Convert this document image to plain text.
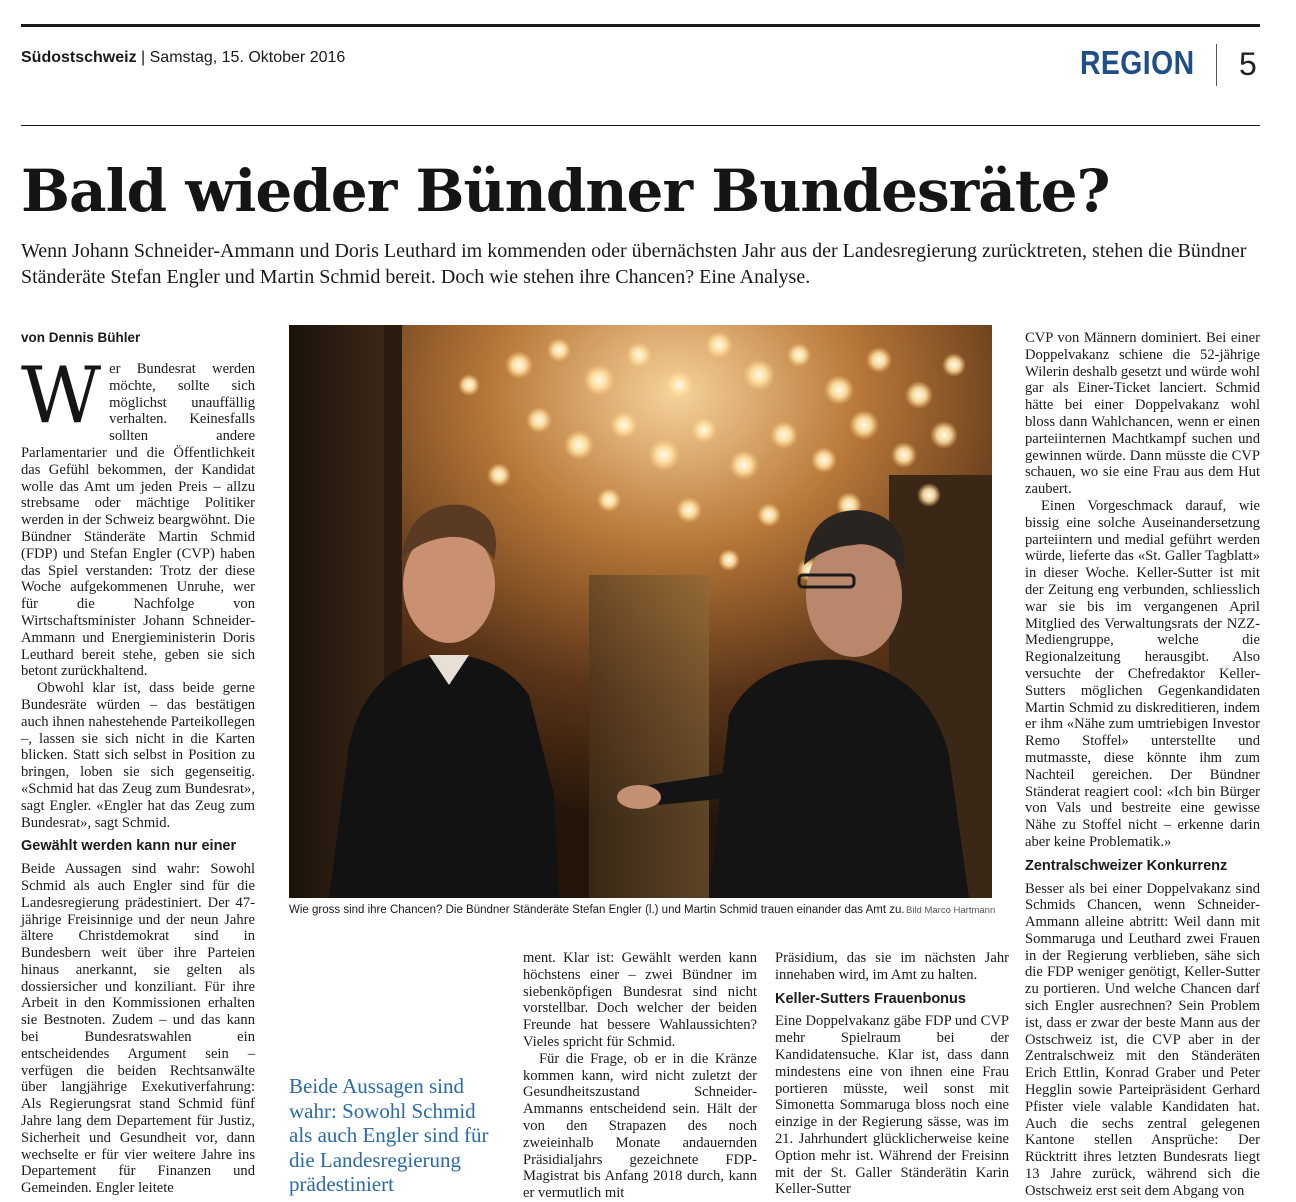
Südostschweiz | Samstag, 15. Oktober 2016	REGION 5
Bald wieder Bündner Bundesräte?

Wenn Johann Schneider-Ammann und Doris Leuthard im kommenden oder übernächsten Jahr aus der Landesregierung zurücktreten, stehen die Bündner Ständeräte Stefan Engler und Martin Schmid bereit. Doch wie stehen ihre Chancen? Eine Analyse.

von Dennis Bühler

Wer Bundesrat werden möchte, sollte sich möglichst unauffällig verhalten. Keinesfalls sollten andere Parlamentarier und die Öffentlichkeit das Gefühl bekommen, der Kandidat wolle das Amt um jeden Preis – allzu strebsame oder mächtige Politiker werden in der Schweiz beargwöhnt. Die Bündner Ständeräte Martin Schmid (FDP) und Stefan Engler (CVP) haben das Spiel verstanden: Trotz der diese Woche aufgekommenen Unruhe, wer für die Nachfolge von Wirtschaftsminister Johann Schneider-Ammann und Energieministerin Doris Leuthard bereit stehe, geben sie sich betont zurückhaltend.

Obwohl klar ist, dass beide gerne Bundesräte würden – das bestätigen auch ihnen nahestehende Parteikollegen –, lassen sie sich nicht in die Karten blicken. Statt sich selbst in Position zu bringen, loben sie sich gegenseitig. «Schmid hat das Zeug zum Bundesrat», sagt Engler. «Engler hat das Zeug zum Bundesrat», sagt Schmid.

Gewählt werden kann nur einer

Beide Aussagen sind wahr: Sowohl Schmid als auch Engler sind für die Landesregierung prädestiniert. Der 47-jährige Freisinnige und der neun Jahre ältere Christdemokrat sind in Bundesbern weit über ihre Parteien hinaus anerkannt, sie gelten als dossiersicher und konziliant. Für ihre Arbeit in den Kommissionen erhalten sie Bestnoten. Zudem – und das kann bei Bundesratswahlen ein entscheidendes Argument sein – verfügen die beiden Rechtsanwälte über langjährige Exekutiverfahrung: Als Regierungsrat stand Schmid fünf Jahre lang dem Departement für Justiz, Sicherheit und Gesundheit vor, dann wechselte er für vier weitere Jahre ins Departement für Finanzen und Gemeinden. Engler leitete

Wie gross sind ihre Chancen? Die Bündner Ständeräte Stefan Engler (l.) und Martin Schmid trauen einander das Amt zu. Bild Marco Hartmann
Beide Aussagen sind wahr: Sowohl Schmid als auch Engler sind für die Landesregierung prädestiniert

ment. Klar ist: Gewählt werden kann höchstens einer – zwei Bündner im siebenköpfigen Bundesrat sind nicht vorstellbar. Doch welcher der beiden Freunde hat bessere Wahlaussichten? Vieles spricht für Schmid.

Für die Frage, ob er in die Kränze kommen kann, wird nicht zuletzt der Gesundheitszustand Schneider-Ammanns entscheidend sein. Hält der von den Strapazen des noch zweieinhalb Monate andauernden Präsidialjahrs gezeichnete FDP-Magistrat bis Anfang 2018 durch, kann er vermutlich mit

Präsidium, das sie im nächsten Jahr innehaben wird, im Amt zu halten.

Keller-Sutters Frauenbonus

Eine Doppelvakanz gäbe FDP und CVP mehr Spielraum bei der Kandidatensuche. Klar ist, dass dann mindestens eine von ihnen eine Frau portieren müsste, weil sonst mit Simonetta Sommaruga bloss noch eine einzige in der Regierung sässe, was im 21. Jahrhundert glücklicherweise keine Option mehr ist. Während der Freisinn mit der St. Galler Ständerätin Karin Keller-Sutter

CVP von Männern dominiert. Bei einer Doppelvakanz schiene die 52-jährige Wilerin deshalb gesetzt und würde wohl gar als Einer-Ticket lanciert. Schmid hätte bei einer Doppelvakanz wohl bloss dann Wahlchancen, wenn er einen parteiinternen Machtkampf suchen und gewinnen würde. Dann müsste die CVP schauen, wo sie eine Frau aus dem Hut zaubert.

Einen Vorgeschmack darauf, wie bissig eine solche Auseinandersetzung parteiintern und medial geführt werden würde, lieferte das «St. Galler Tagblatt» in dieser Woche. Keller-Sutter ist mit der Zeitung eng verbunden, schliesslich war sie bis im vergangenen April Mitglied des Verwaltungsrats der NZZ-Mediengruppe, welche die Regionalzeitung herausgibt. Also versuchte der Chefredaktor Keller-Sutters möglichen Gegenkandidaten Martin Schmid zu diskreditieren, indem er ihm «Nähe zum umtriebigen Investor Remo Stoffel» unterstellte und mutmasste, diese könnte ihm zum Nachteil gereichen. Der Bündner Ständerat reagiert cool: «Ich bin Bürger von Vals und bestreite eine gewisse Nähe zu Stoffel nicht – erkenne darin aber keine Problematik.»

Zentralschweizer Konkurrenz

Besser als bei einer Doppelvakanz sind Schmids Chancen, wenn Schneider-Ammann alleine abtritt: Weil dann mit Sommaruga und Leuthard zwei Frauen in der Regierung verblieben, sähe sich die FDP weniger genötigt, Keller-Sutter zu portieren. Und welche Chancen darf sich Engler ausrechnen? Sein Problem ist, dass er zwar der beste Mann aus der Ostschweiz ist, die CVP aber in der Zentralschweiz mit den Ständeräten Erich Ettlin, Konrad Graber und Peter Hegglin sowie Parteipräsident Gerhard Pfister viele valable Kandidaten hat. Auch die sechs zentral gelegenen Kantone stellen Ansprüche: Der Rücktritt ihres letzten Bundesrats liegt 13 Jahre zurück, während sich die Ostschweiz erst seit dem Abgang von
